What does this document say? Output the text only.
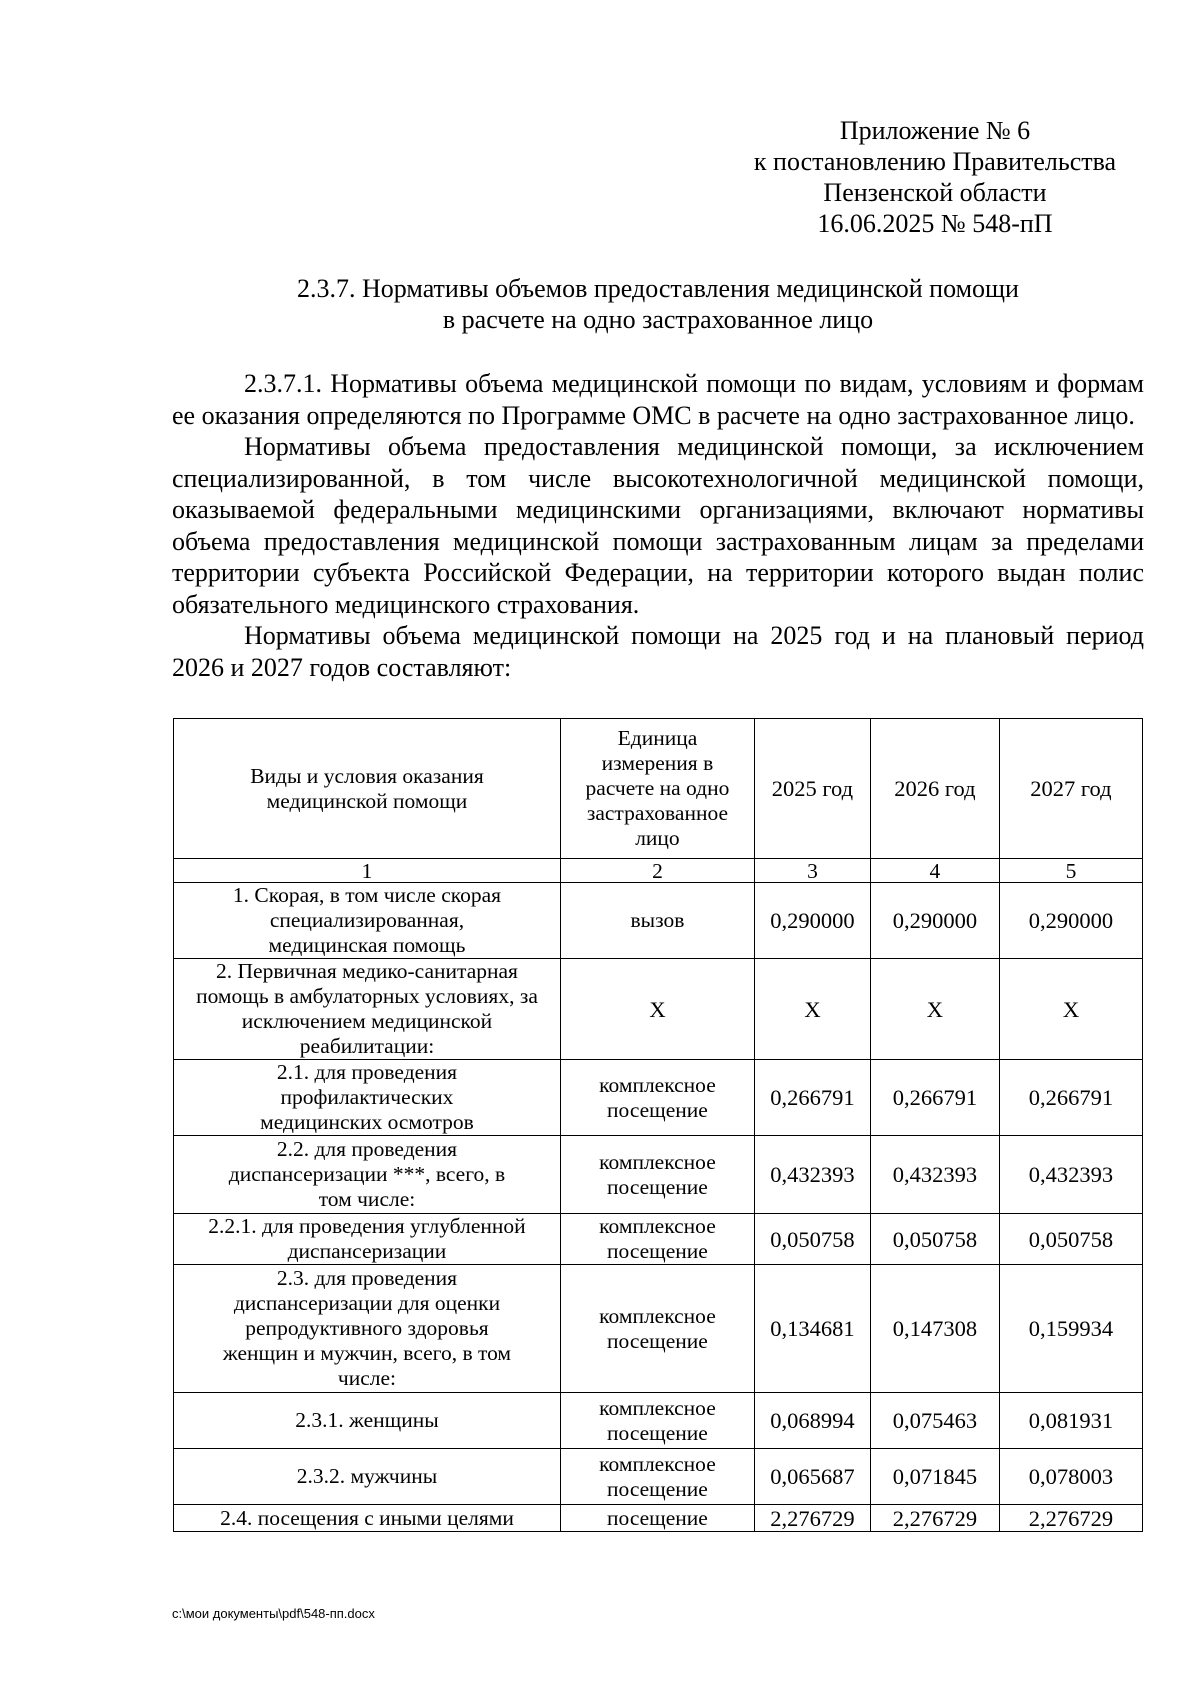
Приложение № 6
к постановлению Правительства
Пензенской области
16.06.2025 № 548-пП
2.3.7. Нормативы объемов предоставления медицинской помощи
в расчете на одно застрахованное лицо

2.3.7.1. Нормативы объема медицинской помощи по видам, условиям и формам ее оказания определяются по Программе ОМС в расчете на одно застрахованное лицо.

Нормативы объема предоставления медицинской помощи, за исключением специализированной, в том числе высокотехнологичной медицинской помощи, оказываемой федеральными медицинскими организациями, включают нормативы объема предоставления медицинской помощи застрахованным лицам за пределами территории субъекта Российской Федерации, на территории которого выдан полис обязательного медицинского страхования.

Нормативы объема медицинской помощи на 2025 год и на плановый период 2026 и 2027 годов составляют:

Виды и условия оказания медицинской помощи	Единица измерения в расчете на одно застрахованное лицо	2025 год	2026 год	2027 год
1	2	3	4	5
1. Скорая, в том числе скорая специализированная, медицинская помощь	вызов	0,290000	0,290000	0,290000
2. Первичная медико-санитарная помощь в амбулаторных условиях, за исключением медицинской реабилитации:	X	X	X	X
2.1. для проведения профилактических медицинских осмотров	комплексное посещение	0,266791	0,266791	0,266791
2.2. для проведения диспансеризации ***, всего, в том числе:	комплексное посещение	0,432393	0,432393	0,432393
2.2.1. для проведения углубленной диспансеризации	комплексное посещение	0,050758	0,050758	0,050758
2.3. для проведения диспансеризации для оценки репродуктивного здоровья женщин и мужчин, всего, в том числе:	комплексное посещение	0,134681	0,147308	0,159934
2.3.1. женщины	комплексное посещение	0,068994	0,075463	0,081931
2.3.2. мужчины	комплексное посещение	0,065687	0,071845	0,078003
2.4. посещения с иными целями	посещение	2,276729	2,276729	2,276729
c:\мои документы\pdf\548-пп.docx
